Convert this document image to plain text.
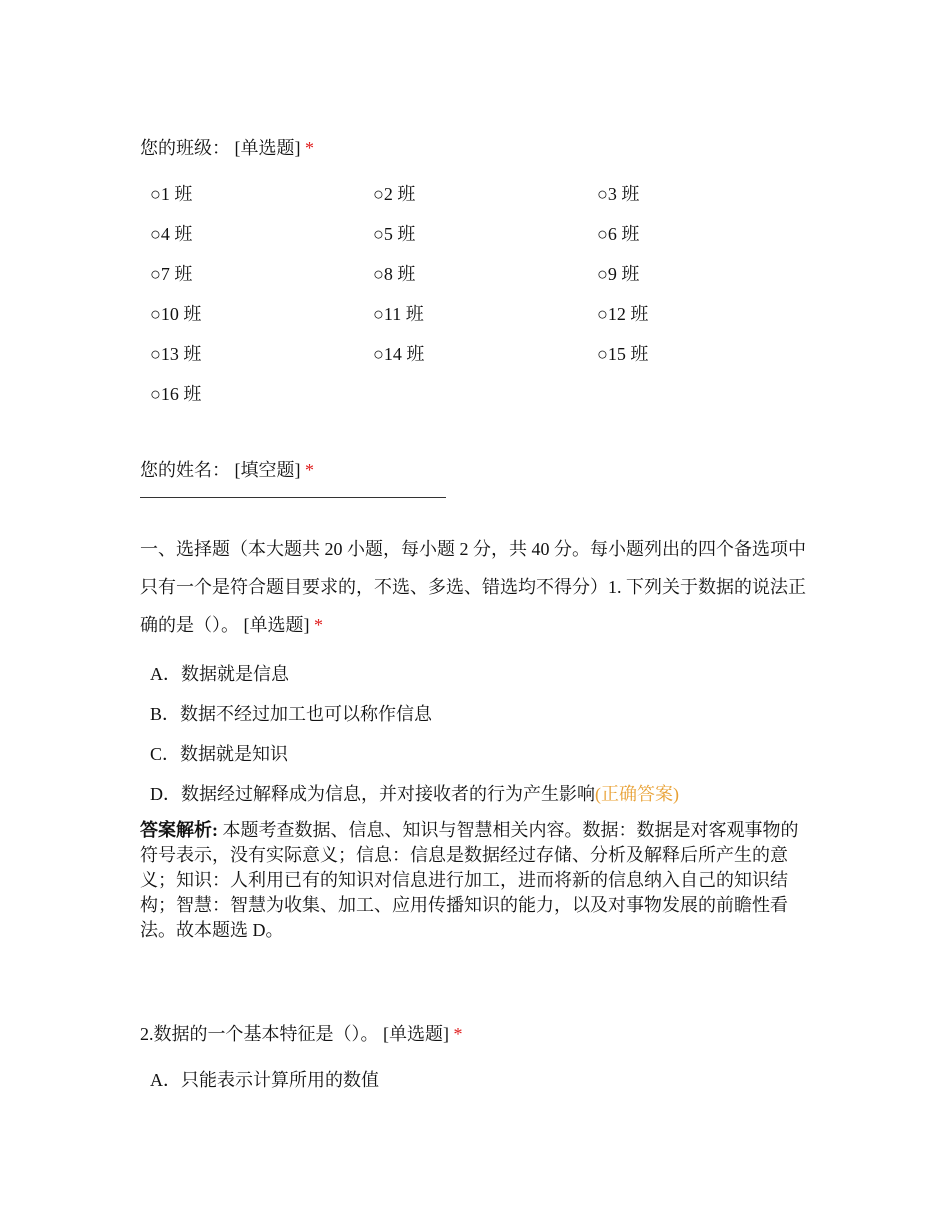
您的班级： [单选题] *
○1 班	○2 班	○3 班
○4 班	○5 班	○6 班
○7 班	○8 班	○9 班
○10 班	○11 班	○12 班
○13 班	○14 班	○15 班
○16 班
您的姓名： [填空题] *
一、选择题（本大题共 20 小题，每小题 2 分，共 40 分。每小题列出的四个备选项中只有一个是符合题目要求的，不选、多选、错选均不得分）1. 下列关于数据的说法正确的是（）。 [单选题] *
A．数据就是信息
B．数据不经过加工也可以称作信息
C．数据就是知识
D．数据经过解释成为信息，并对接收者的行为产生影响(正确答案)
答案解析: 本题考查数据、信息、知识与智慧相关内容。数据：数据是对客观事物的符号表示，没有实际意义；信息：信息是数据经过存储、分析及解释后所产生的意义；知识：人利用已有的知识对信息进行加工，进而将新的信息纳入自己的知识结构；智慧：智慧为收集、加工、应用传播知识的能力，以及对事物发展的前瞻性看法。故本题选 D。
2.数据的一个基本特征是（）。 [单选题] *
A．只能表示计算所用的数值
